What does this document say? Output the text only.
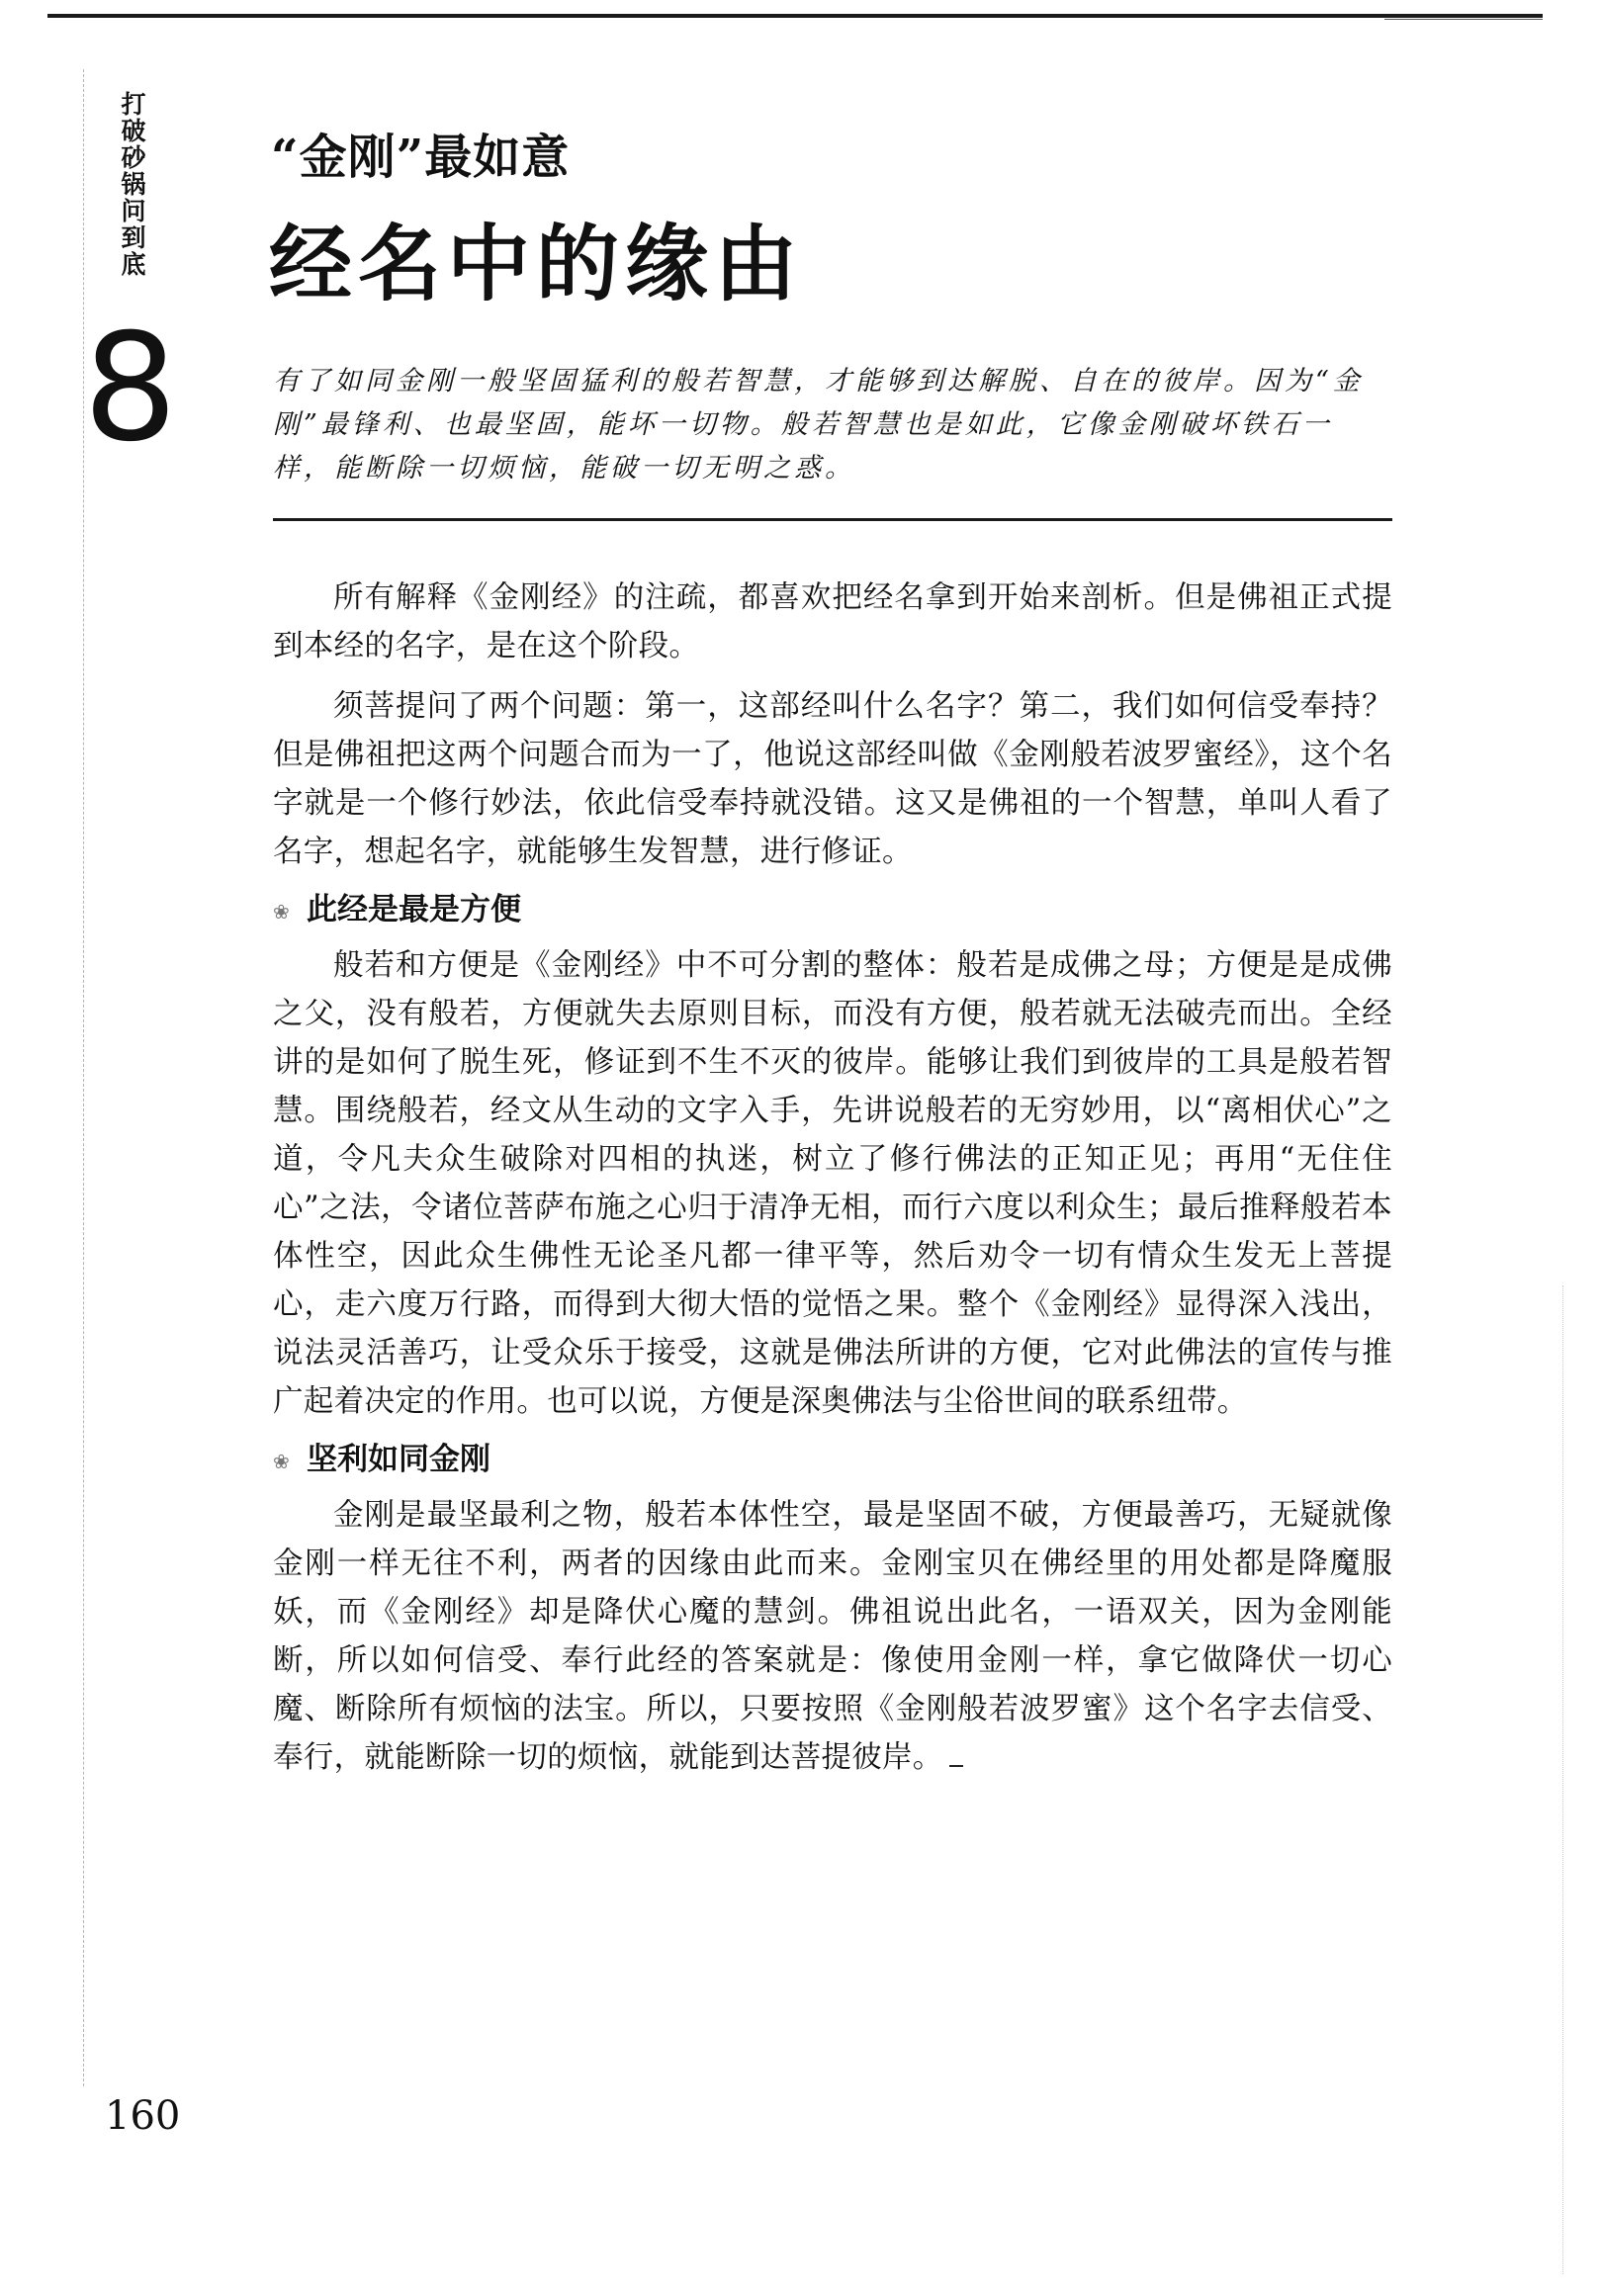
打破砂锅问到底
8
“金刚”最如意
经名中的缘由
有了如同金刚一般坚固猛利的般若智慧，才能够到达解脱、自在的彼岸。因为“金刚”最锋利、也最坚固，能坏一切物。般若智慧也是如此，它像金刚破坏铁石一样，能断除一切烦恼，能破一切无明之惑。

所有解释《金刚经》的注疏，都喜欢把经名拿到开始来剖析。但是佛祖正式提到本经的名字，是在这个阶段。

须菩提问了两个问题：第一，这部经叫什么名字？第二，我们如何信受奉持？但是佛祖把这两个问题合而为一了，他说这部经叫做《金刚般若波罗蜜经》，这个名字就是一个修行妙法，依此信受奉持就没错。这又是佛祖的一个智慧，单叫人看了名字，想起名字，就能够生发智慧，进行修证。

❀ 此经是最是方便

般若和方便是《金刚经》中不可分割的整体：般若是成佛之母；方便是是成佛之父，没有般若，方便就失去原则目标，而没有方便，般若就无法破壳而出。全经讲的是如何了脱生死，修证到不生不灭的彼岸。能够让我们到彼岸的工具是般若智慧。围绕般若，经文从生动的文字入手，先讲说般若的无穷妙用，以“离相伏心”之道，令凡夫众生破除对四相的执迷，树立了修行佛法的正知正见；再用“无住住心”之法，令诸位菩萨布施之心归于清净无相，而行六度以利众生；最后推释般若本体性空，因此众生佛性无论圣凡都一律平等，然后劝令一切有情众生发无上菩提心，走六度万行路，而得到大彻大悟的觉悟之果。整个《金刚经》显得深入浅出，说法灵活善巧，让受众乐于接受，这就是佛法所讲的方便，它对此佛法的宣传与推广起着决定的作用。也可以说，方便是深奥佛法与尘俗世间的联系纽带。

❀ 坚利如同金刚

金刚是最坚最利之物，般若本体性空，最是坚固不破，方便最善巧，无疑就像金刚一样无往不利，两者的因缘由此而来。金刚宝贝在佛经里的用处都是降魔服妖，而《金刚经》却是降伏心魔的慧剑。佛祖说出此名，一语双关，因为金刚能断，所以如何信受、奉行此经的答案就是：像使用金刚一样，拿它做降伏一切心魔、断除所有烦恼的法宝。所以，只要按照《金刚般若波罗蜜》这个名字去信受、奉行，就能断除一切的烦恼，就能到达菩提彼岸。

160
